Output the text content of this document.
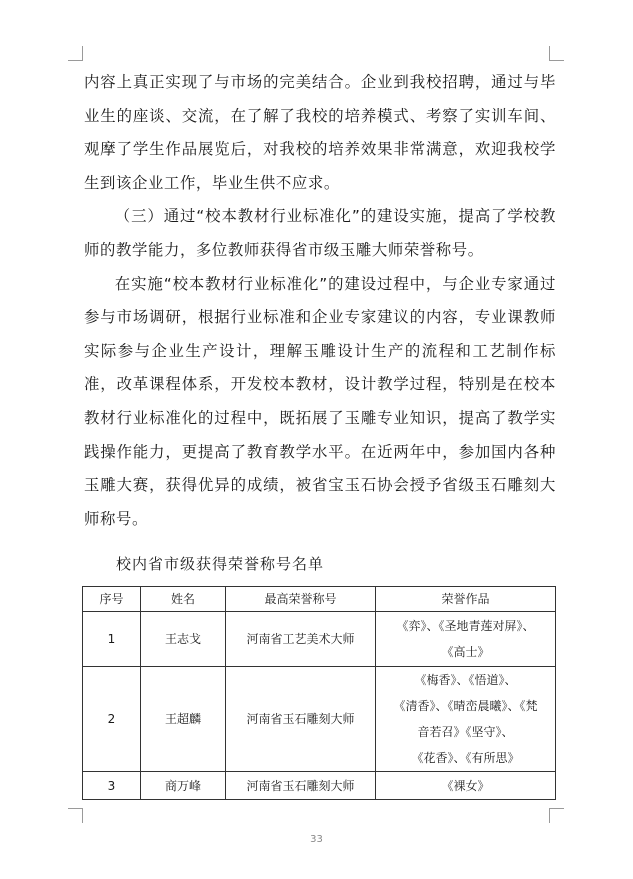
内容上真正实现了与市场的完美结合。企业到我校招聘，通过与毕业生的座谈、交流，在了解了我校的培养模式、考察了实训车间、观摩了学生作品展览后，对我校的培养效果非常满意，欢迎我校学生到该企业工作，毕业生供不应求。

（三）通过“校本教材行业标准化”的建设实施，提高了学校教师的教学能力，多位教师获得省市级玉雕大师荣誉称号。

在实施“校本教材行业标准化”的建设过程中，与企业专家通过参与市场调研，根据行业标准和企业专家建议的内容，专业课教师实际参与企业生产设计，理解玉雕设计生产的流程和工艺制作标准，改革课程体系，开发校本教材，设计教学过程，特别是在校本教材行业标准化的过程中，既拓展了玉雕专业知识，提高了教学实践操作能力，更提高了教育教学水平。在近两年中，参加国内各种玉雕大赛，获得优异的成绩，被省宝玉石协会授予省级玉石雕刻大师称号。

校内省市级获得荣誉称号名单
序号	姓名	最高荣誉称号	荣誉作品
1	王志戈	河南省工艺美术大师	《弈》、《圣地青莲对屏》、
《高士》

2	王超麟	河南省玉石雕刻大师	《梅香》、《悟道》、
《清香》、《晴峦晨曦》、《梵
音若召》《坚守》、
《花香》、《有所思》

3	商万峰	河南省玉石雕刻大师	《裸女》
33
